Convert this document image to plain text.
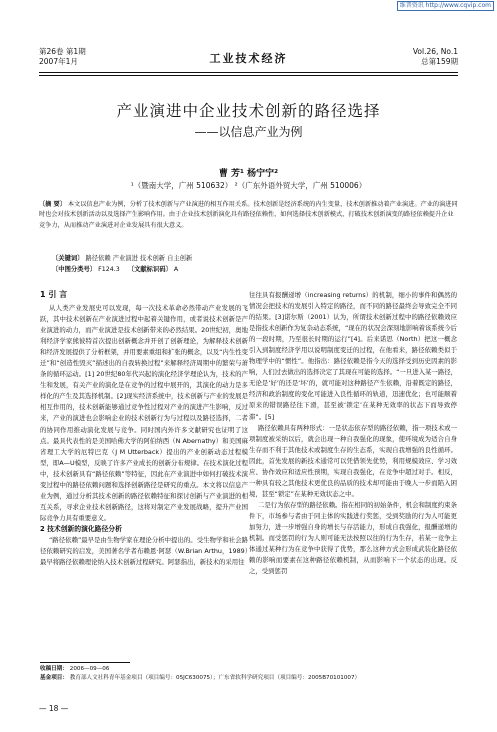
维普资讯 http://www.cqvip.com
第26卷 第1期
2007年1月	工业技术经济
Vol.26, No.1
总第159期
产业演进中企业技术创新的路径选择
——以信息产业为例
曹 芳¹ 杨宁宁²
¹（暨南大学，广州 510632） ²（广东外语外贸大学，广州 510006）
〔摘 要〕 本文以信息产业为例，分析了技术创新与产业演进的相互作用关系。技术创新是经济系统的内生变量，技术创新推动着产业演进。产业的演进同时也会对技术创新活动以及选择产生影响作用。由于企业技术创新演化具有路径依赖性，如何选择技术创新模式，打破技术创新演变的路径依赖提升企业竞争力，从而推动产业演进对企业发展具有很大意义。
〔关键词〕 路径依赖 产业演进 技术创新 自主创新
〔中图分类号〕 F124.3 〔文献标识码〕 A
1 引 言

从人类产业发展史可以发现，每一次技术革命必然带动产业发展的飞跃，其中技术创新在产业演进过程中起着关键作用，或者说技术创新是产业演进的动力，而产业演进是技术创新带来的必然结果。20世纪初，奥地利经济学家熊彼特首次提出创新概念并开创了创新理论，为解释技术创新和经济发展提供了分析框架，并用要素重组和扩张的概念，以及“内生性变迁”和“创造性毁灭”描述出的自我转换过程”来解释经济周期中的繁荣与萧条的循环运动。[1] 20世纪80年代兴起的演化经济学理论认为，技术的产生和发展，有关产业的演化是在竞争的过程中展开的，其演化的动力是多样化的产生及其选择机制。[2]现实经济系统中，技术创新与产业的发展是相互作用的，技术创新能够通过竞争性过程对产业的演进产生影响，反过来，产业的演进也会影响企业的技术创新行为与过程以及路径选择，二者的协同作用推动演化发展与竞争。同时国内外许多文献研究也证明了这点。最具代表性的是美国哈佛大学的阿伯纳西（N Abernathy）和美国麻省理工大学的厄特巴克（J M Utterback）提出的产业创新动态过程模型，即A—U模型，反映了许多产业成长的创新分布规律。在技术演化过程中，技术创新具有“路径依赖”等特征，因此在产业演进中如何打破技术演变过程中的路径依赖问题和选择创新路径是研究的重点。本文将以信息产业为例，通过分析其技术创新的路径依赖特征和探讨创新与产业演进的相互关系，寻求企业技术创新路径，这将对制定产业发展战略，提升产业国际竞争力具有重要意义。

2 技术创新的演化路径分析

“路径依赖”最早是由生物学家在理论分析中提出的。受生物学和社会路径依赖研究的启发，美国著名学者布赖恩·阿瑟（W.Brian Arthu，1989）最早将路径依赖理论纳入技术创新过程研究。阿瑟指出，新技术的采用往

往往具有报酬递增（increasing returns）的机制，细小的事件和偶然的情况会把技术的发展引入特定的路径，而不同的路径最终会导致完全不同的结果。[3]诺尔斯（2001）认为，所谓技术创新过程中的路径依赖效应是指技术创新作为复杂动态系统，“现在的状况会深刻地影响着该系统今后的一段时期，乃至很长时期的运行”[4]。后来诺思（North）把这一概念引入到制度经济学用以说明制度变迁的过程，在他看来，路径依赖类似于物理学中的“惯性”。他指出：路径依赖是指今天的选择受到历史因素的影响，人们过去做出的选择决定了其现在可能的选择。“一旦进入某一路径，无论是‘好’的还是‘坏’的，就可能对这种路径产生依赖，沿着既定的路径，经济和政治制度的变化可能进入良性循环的轨道，迅速优化；也可能顺着原来的错误路径往下滑，甚至被‘锁定’在某种无效率的状态下而导致停滞”。[5]

路径依赖具有两种形式：一是状态依存型的路径依赖，指一项技术或一项制度被采纳以后，就会出现一种自我强化的现象，使环境成为适合自身生存而不利于其他技术或制度生存的生态系，实现自我增强的良性循环。因此，首先发展的新技术通常可以凭借领先优势，利用规模效应、学习效应、协作效应和适应性预期，实现自我强化，在竞争中超过对手。相反，一种具有较之其他技术更优良的品质的技术却可能由于晚人一步而陷入困境，甚至“锁定”在某种无效状态之中。

二是行为依存型的路径依赖。指在相同的初始条件，机会和制度约束条件下，市场参与者由于同主体的实践进行奖惩，受到奖励的行为人可能更加努力，进一步增强自身的增长与存活能力，形成自我强化，报酬递增的机制。而受惩罚的行为人则可能无法按照以往的行为生存，若某一竞争主体通过某种行为在竞争中获得了优势，那么这种方式会形成武装化路径依赖的影响而要素在这种路径依赖机制，从而影响下一个状态的出现。反之，受到惩罚

收稿日期： 2006—09—06
基金项目： 教育部人文社科青年基金项目（项目编号：05JC630075）；广东省软科学研究项目（项目编号：2005B70101007）
— 18 —
